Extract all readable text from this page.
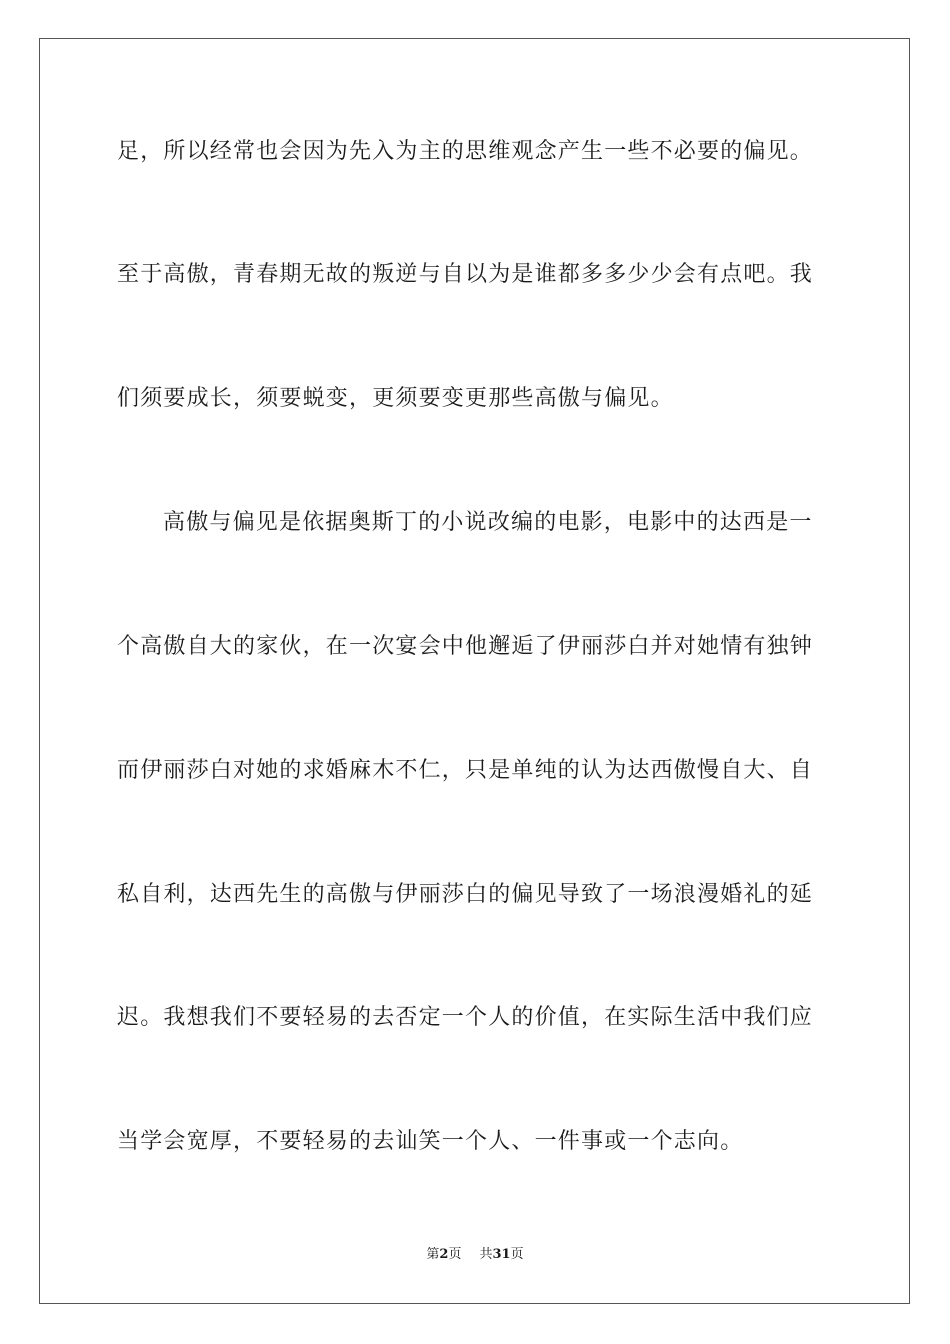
足，所以经常也会因为先入为主的思维观念产生一些不必要的偏见。
至于高傲，青春期无故的叛逆与自以为是谁都多多少少会有点吧。我
们须要成长，须要蜕变，更须要变更那些高傲与偏见。
高傲与偏见是依据奥斯丁的小说改编的电影，电影中的达西是一
个高傲自大的家伙，在一次宴会中他邂逅了伊丽莎白并对她情有独钟
而伊丽莎白对她的求婚麻木不仁，只是单纯的认为达西傲慢自大、自
私自利，达西先生的高傲与伊丽莎白的偏见导致了一场浪漫婚礼的延
迟。我想我们不要轻易的去否定一个人的价值，在实际生活中我们应
当学会宽厚，不要轻易的去讪笑一个人、一件事或一个志向。
第2页 共31页
